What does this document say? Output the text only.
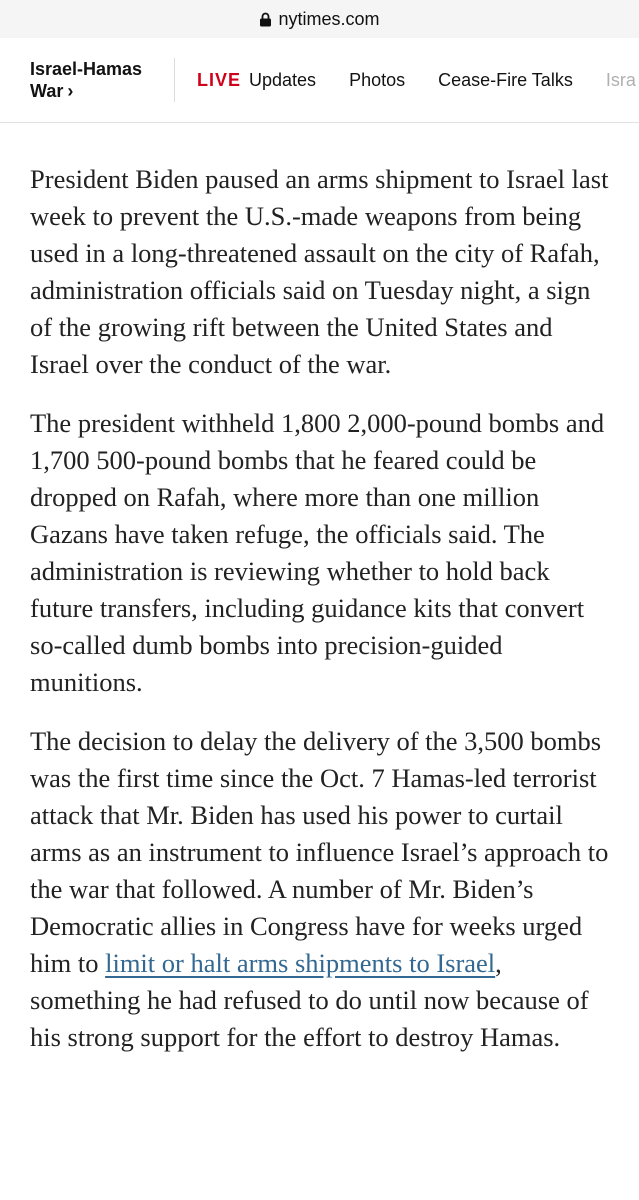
nytimes.com
Israel-Hamas
War ›
LIVE Updates Photos Cease-Fire Talks Isra

President Biden paused an arms shipment to Israel last week to prevent the U.S.-made weapons from being used in a long-threatened assault on the city of Rafah, administration officials said on Tuesday night, a sign of the growing rift between the United States and Israel over the conduct of the war.

The president withheld 1,800 2,000-pound bombs and 1,700 500-pound bombs that he feared could be dropped on Rafah, where more than one million Gazans have taken refuge, the officials said. The administration is reviewing whether to hold back future transfers, including guidance kits that convert so-called dumb bombs into precision-guided munitions.

The decision to delay the delivery of the 3,500 bombs was the first time since the Oct. 7 Hamas-led terrorist attack that Mr. Biden has used his power to curtail arms as an instrument to influence Israel’s approach to the war that followed. A number of Mr. Biden’s Democratic allies in Congress have for weeks urged him to limit or halt arms shipments to Israel, something he had refused to do until now because of his strong support for the effort to destroy Hamas.
